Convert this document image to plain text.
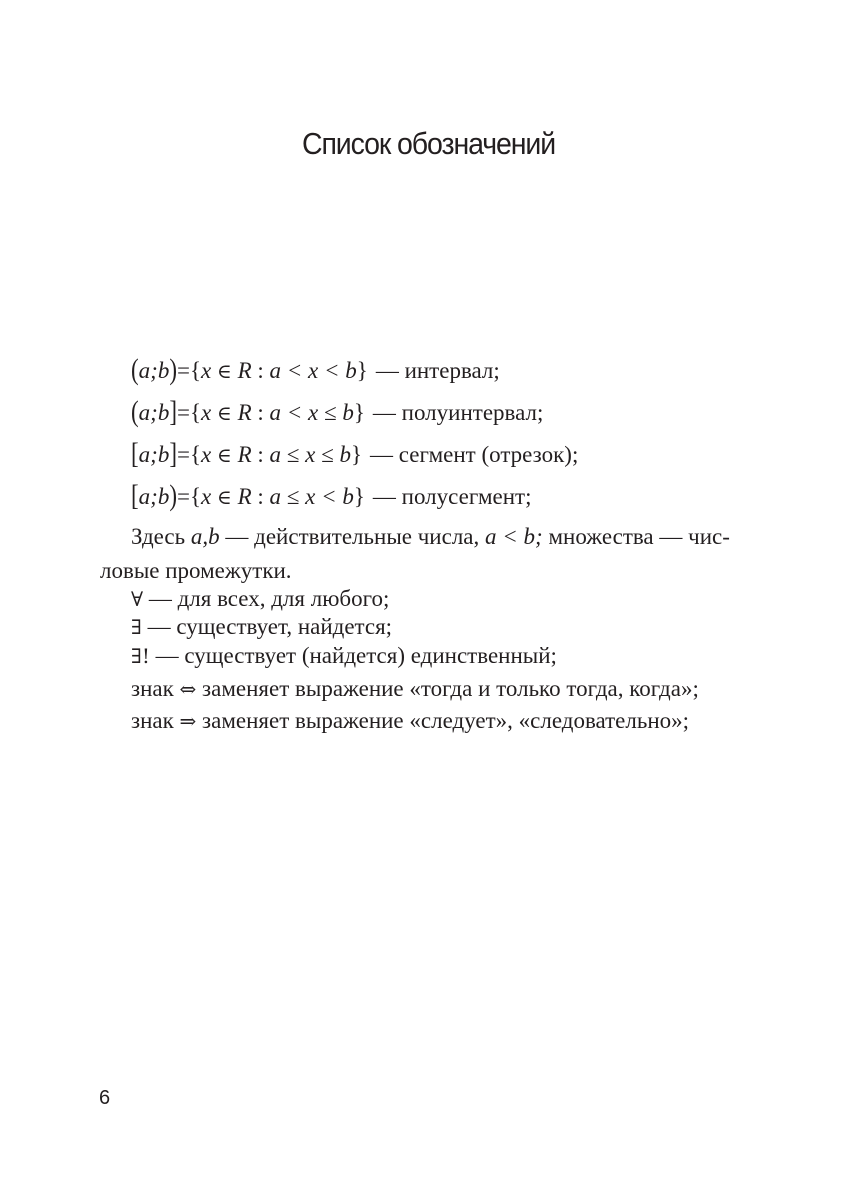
Список обозначений
(a;b)={x ∈ R : a < x < b} — интервал;
(a;b]={x ∈ R : a < x ≤ b} — полуинтервал;
[a;b]={x ∈ R : a ≤ x ≤ b} — сегмент (отрезок);
[a;b)={x ∈ R : a ≤ x < b} — полусегмент;
Здесь a,b — действительные числа, a < b; множества — чис-
ловые промежутки.
∀ — для всех, для любого;
∃ — существует, найдется;
∃! — существует (найдется) единственный;
знак ⇔ заменяет выражение «тогда и только тогда, когда»;
знак ⇒ заменяет выражение «следует», «следовательно»;
6
